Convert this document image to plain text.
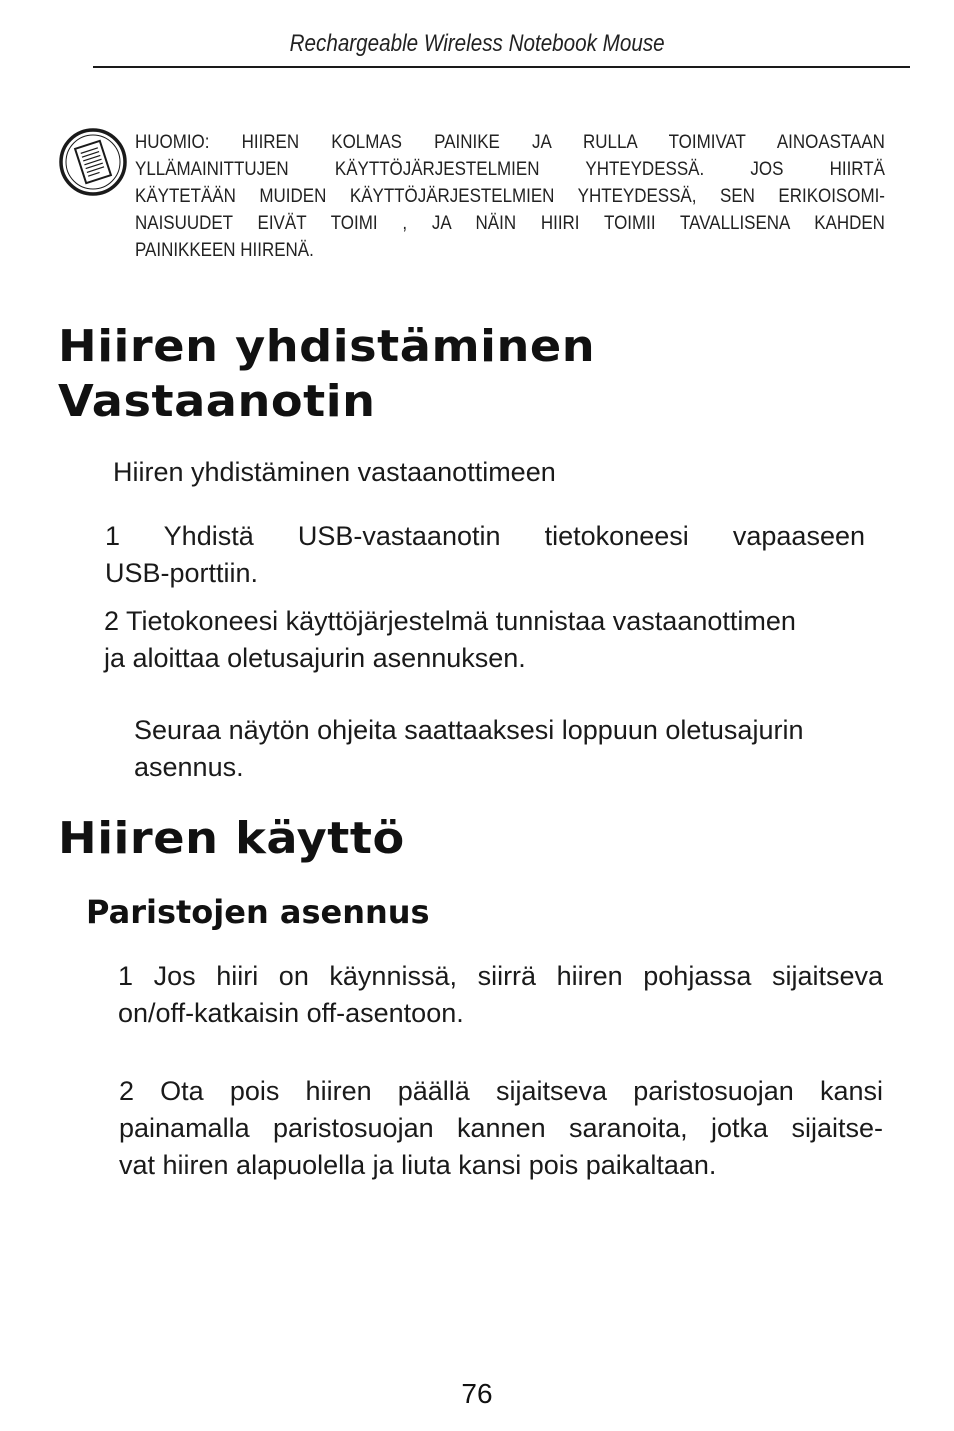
Rechargeable Wireless Notebook Mouse
HUOMIO: HIIREN KOLMAS PAINIKE JA RULLA TOIMIVAT AINOASTAAN
YLLÄMAINITTUJEN KÄYTTÖJÄRJESTELMIEN YHTEYDESSÄ. JOS HIIRTÄ
KÄYTETÄÄN MUIDEN KÄYTTÖJÄRJESTELMIEN YHTEYDESSÄ, SEN ERIKOISOMI-
NAISUUDET EIVÄT TOIMI , JA NÄIN HIIRI TOIMII TAVALLISENA KAHDEN
PAINIKKEEN HIIRENÄ.
Hiiren yhdistäminen
Vastaanotin

Hiiren yhdistäminen vastaanottimeen

1 Yhdistä USB-vastaanotin tietokoneesi vapaaseen
USB-porttiin.
2 Tietokoneesi käyttöjärjestelmä tunnistaa vastaanottimen
ja aloittaa oletusajurin asennuksen.
Seuraa näytön ohjeita saattaaksesi loppuun oletusajurin
asennus.
Hiiren käyttö
Paristojen asennus
1 Jos hiiri on käynnissä, siirrä hiiren pohjassa sijaitseva
on/off-katkaisin off-asentoon.
2 Ota pois hiiren päällä sijaitseva paristosuojan kansi
painamalla paristosuojan kannen saranoita, jotka sijaitse-
vat hiiren alapuolella ja liuta kansi pois paikaltaan.
76
